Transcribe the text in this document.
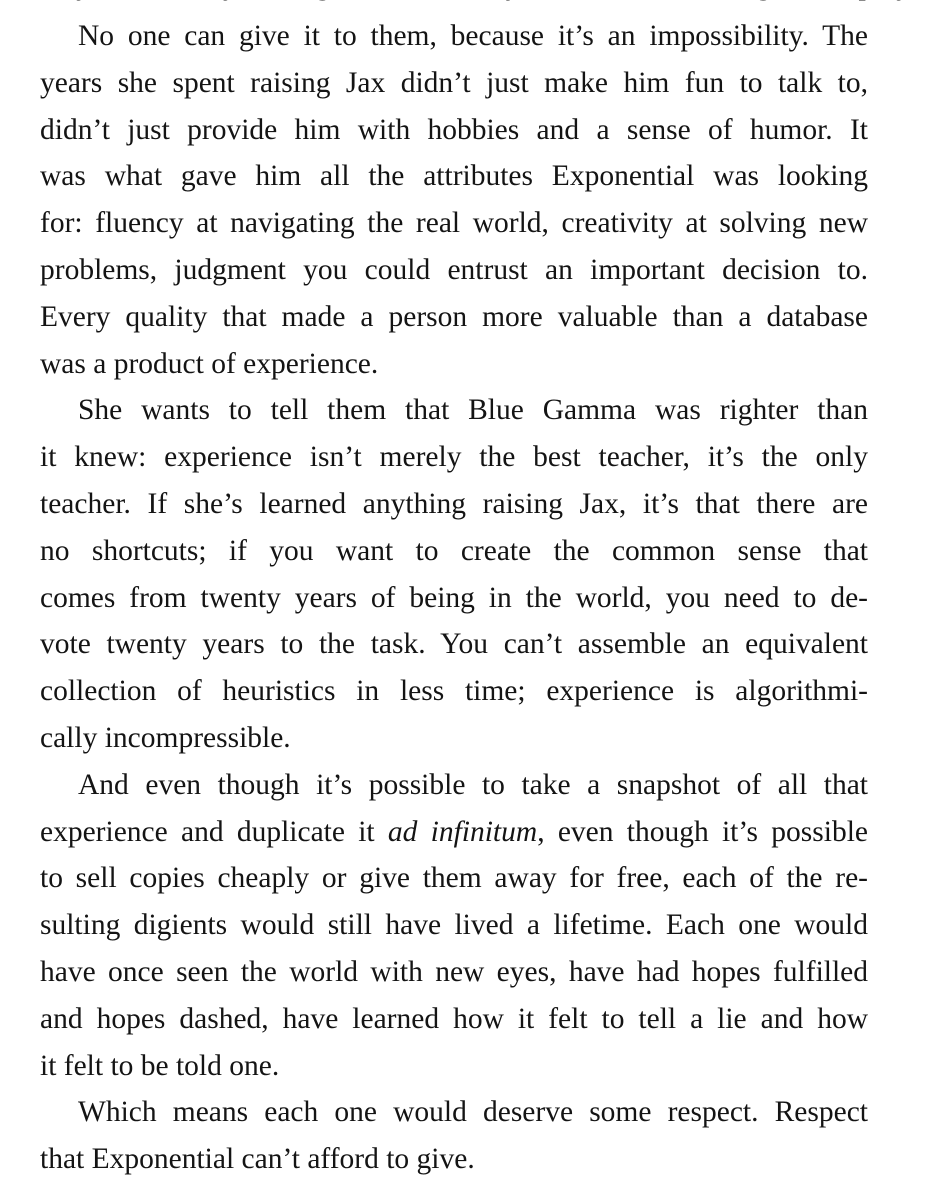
No one can give it to them, because it’s an impossibility. The
years she spent raising Jax didn’t just make him fun to talk to,
didn’t just provide him with hobbies and a sense of humor. It
was what gave him all the attributes Exponential was looking
for: fluency at navigating the real world, creativity at solving new
problems, judgment you could entrust an important decision to.
Every quality that made a person more valuable than a database
was a product of experience.
She wants to tell them that Blue Gamma was righter than
it knew: experience isn’t merely the best teacher, it’s the only
teacher. If she’s learned anything raising Jax, it’s that there are
no shortcuts; if you want to create the common sense that
comes from twenty years of being in the world, you need to de-
vote twenty years to the task. You can’t assemble an equivalent
collection of heuristics in less time; experience is algorithmi-
cally incompressible.
And even though it’s possible to take a snapshot of all that
experience and duplicate it ad infinitum, even though it’s possible
to sell copies cheaply or give them away for free, each of the re-
sulting digients would still have lived a lifetime. Each one would
have once seen the world with new eyes, have had hopes fulfilled
and hopes dashed, have learned how it felt to tell a lie and how
it felt to be told one.
Which means each one would deserve some respect. Respect
that Exponential can’t afford to give.
